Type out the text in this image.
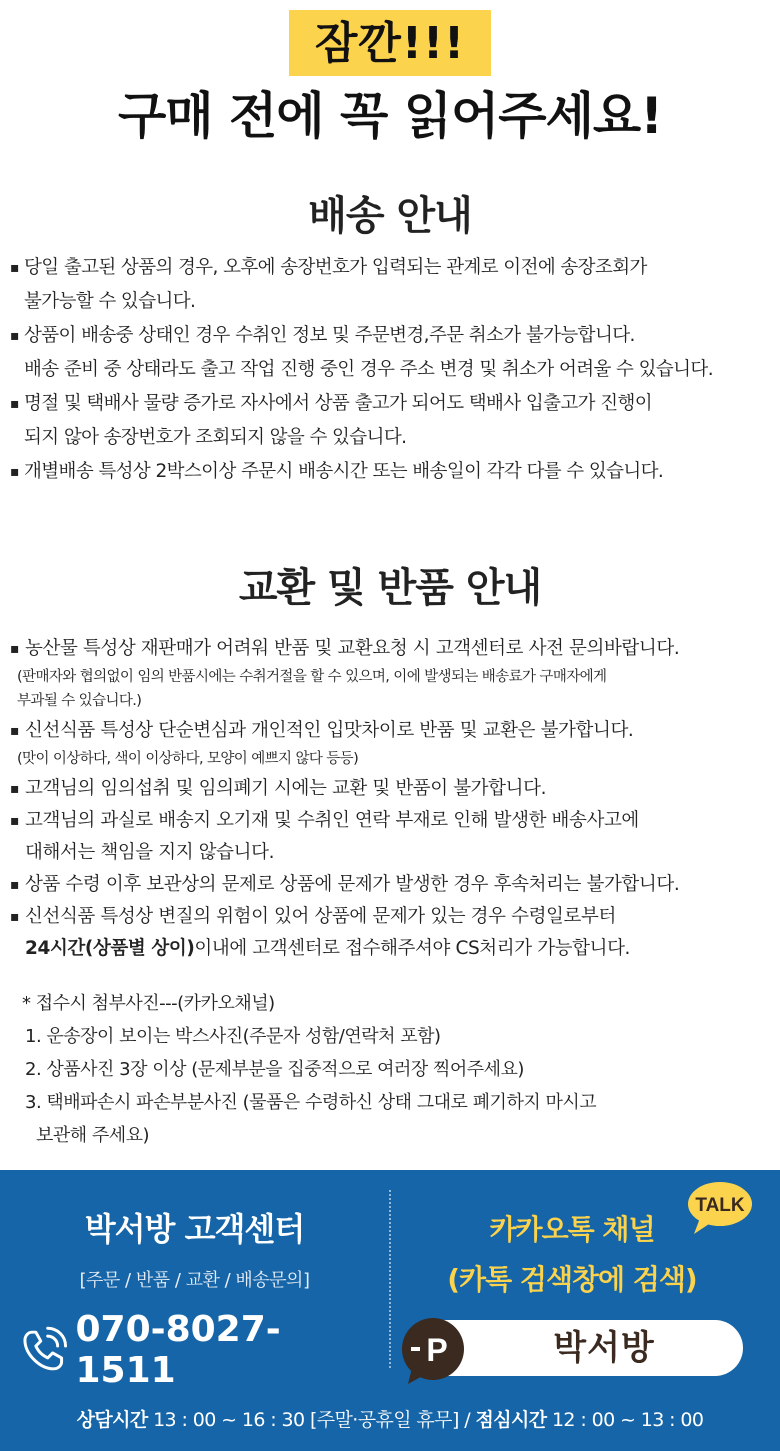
잠깐!!!
구매 전에 꼭 읽어주세요!
배송 안내
▪ 당일 출고된 상품의 경우, 오후에 송장번호가 입력되는 관계로 이전에 송장조회가
불가능할 수 있습니다.
▪ 상품이 배송중 상태인 경우 수취인 정보 및 주문변경,주문 취소가 불가능합니다.
배송 준비 중 상태라도 출고 작업 진행 중인 경우 주소 변경 및 취소가 어려울 수 있습니다.
▪ 명절 및 택배사 물량 증가로 자사에서 상품 출고가 되어도 택배사 입출고가 진행이
되지 않아 송장번호가 조회되지 않을 수 있습니다.
▪ 개별배송 특성상 2박스이상 주문시 배송시간 또는 배송일이 각각 다를 수 있습니다.
교환 및 반품 안내
▪ 농산물 특성상 재판매가 어려워 반품 및 교환요청 시 고객센터로 사전 문의바랍니다.
(판매자와 협의없이 임의 반품시에는 수취거절을 할 수 있으며, 이에 발생되는 배송료가 구매자에게
부과될 수 있습니다.)
▪ 신선식품 특성상 단순변심과 개인적인 입맛차이로 반품 및 교환은 불가합니다.
(맛이 이상하다, 색이 이상하다, 모양이 예쁘지 않다 등등)
▪ 고객님의 임의섭취 및 임의폐기 시에는 교환 및 반품이 불가합니다.
▪ 고객님의 과실로 배송지 오기재 및 수취인 연락 부재로 인해 발생한 배송사고에
대해서는 책임을 지지 않습니다.
▪ 상품 수령 이후 보관상의 문제로 상품에 문제가 발생한 경우 후속처리는 불가합니다.
▪ 신선식품 특성상 변질의 위험이 있어 상품에 문제가 있는 경우 수령일로부터
24시간(상품별 상이)이내에 고객센터로 접수해주셔야 CS처리가 가능합니다.
* 접수시 첨부사진---(카카오채널)
1. 운송장이 보이는 박스사진(주문자 성함/연락처 포함)
2. 상품사진 3장 이상 (문제부분을 집중적으로 여러장 찍어주세요)
3. 택배파손시 파손부분사진 (물품은 수령하신 상태 그대로 폐기하지 마시고
보관해 주세요)
박서방 고객센터
[주문 / 반품 / 교환 / 배송문의]
070-8027-1511
TALK
카카오톡 채널
(카톡 검색창에 검색)
P	박서방
상담시간 13 : 00 ~ 16 : 30 [주말·공휴일 휴무] / 점심시간 12 : 00 ~ 13 : 00
